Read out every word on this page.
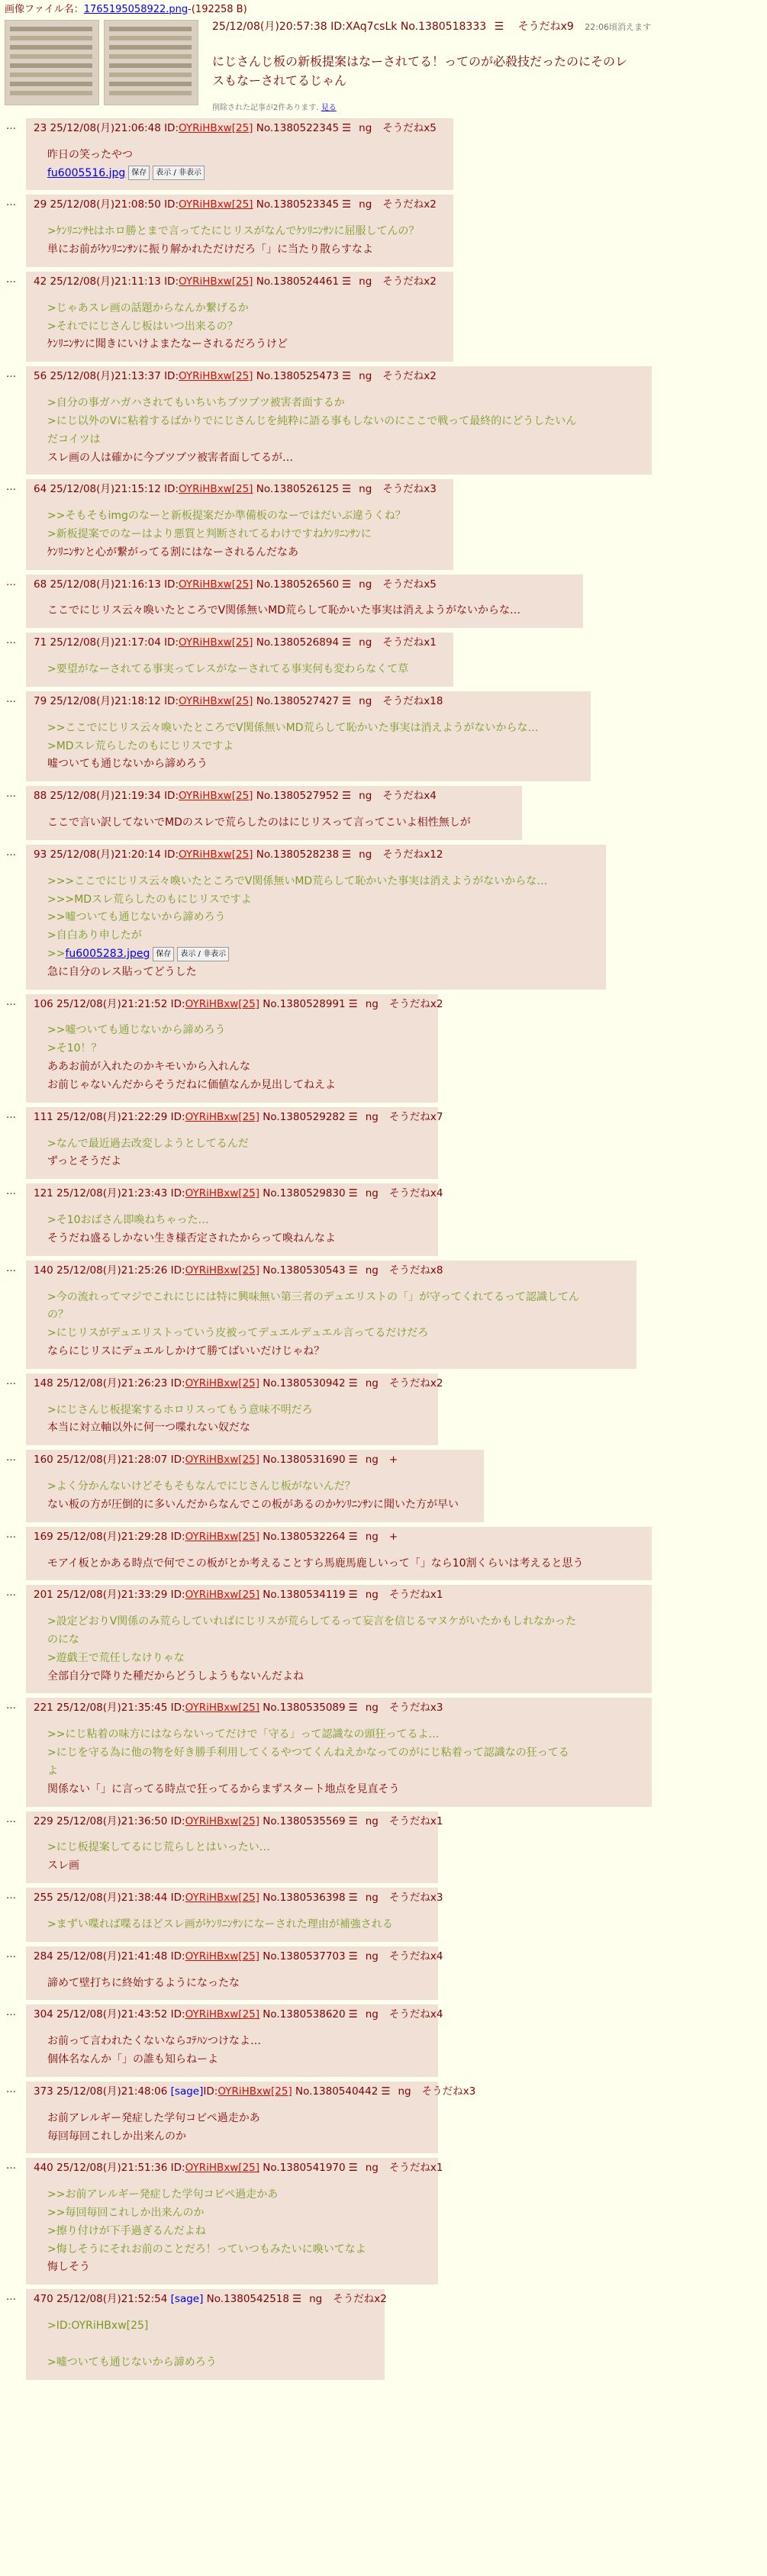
画像ファイル名：1765195058922.png-(192258 B)
25/12/08(月)20:57:38 ID:XAq7csLk No.1380518333 ☰ そうだねx9 22:06頃消えます
にじさんじ板の新板提案はなーされてる！ってのが必殺技だったのにそのレ
スもなーされてるじゃん
削除された記事が2件あります. 見る
…	23 25/12/08(月)21:06:48 ID:OYRiHBxw[25] No.1380522345 ☰ ng そうだねx5
昨日の笑ったやつ
fu6005516.jpg 保存 表示 / 非表示
…	29 25/12/08(月)21:08:50 ID:OYRiHBxw[25] No.1380523345 ☰ ng そうだねx2
>ｹﾝﾘﾆﾝｻｾはホロ勝とまで言ってたにじリスがなんでｹﾝﾘﾆﾝｻﾝに屈服してんの？
単にお前がｹﾝﾘﾆﾝｻﾝに振り解かれただけだろ「」に当たり散らすなよ
…	42 25/12/08(月)21:11:13 ID:OYRiHBxw[25] No.1380524461 ☰ ng そうだねx2
>じゃあスレ画の話題からなんか繋げるか
>それでにじさんじ板はいつ出来るの？
ｹﾝﾘﾆﾝｻﾝに聞きにいけよまたなーされるだろうけど
…	56 25/12/08(月)21:13:37 ID:OYRiHBxw[25] No.1380525473 ☰ ng そうだねx2
>自分の事ガハガハされてもいちいちブツブツ被害者面するか
>にじ以外のVに粘着するばかりでにじさんじを純粋に語る事もしないのにここで戦って最終的にどうしたいん
だコイツは
スレ画の人は確かに今ブツブツ被害者面してるが…
…	64 25/12/08(月)21:15:12 ID:OYRiHBxw[25] No.1380526125 ☰ ng そうだねx3
>>そもそもimgのなーと新板提案だか準備板のなーではだいぶ違うくね？
>新板提案でのなーはより悪質と判断されてるわけですねｹﾝﾘﾆﾝｻﾝに
ｹﾝﾘﾆﾝｻﾝと心が繋がってる割にはなーされるんだなあ
…	68 25/12/08(月)21:16:13 ID:OYRiHBxw[25] No.1380526560 ☰ ng そうだねx5
ここでにじリス云々喚いたところでV関係無いMD荒らして恥かいた事実は消えようがないからな…
…	71 25/12/08(月)21:17:04 ID:OYRiHBxw[25] No.1380526894 ☰ ng そうだねx1
>要望がなーされてる事実ってレスがなーされてる事実何も変わらなくて草
…	79 25/12/08(月)21:18:12 ID:OYRiHBxw[25] No.1380527427 ☰ ng そうだねx18
>>ここでにじリス云々喚いたところでV関係無いMD荒らして恥かいた事実は消えようがないからな…
>MDスレ荒らしたのもにじリスですよ
嘘ついても通じないから諦めろう
…	88 25/12/08(月)21:19:34 ID:OYRiHBxw[25] No.1380527952 ☰ ng そうだねx4
ここで言い訳してないでMDのスレで荒らしたのはにじリスって言ってこいよ相性無しが
…	93 25/12/08(月)21:20:14 ID:OYRiHBxw[25] No.1380528238 ☰ ng そうだねx12
>>>ここでにじリス云々喚いたところでV関係無いMD荒らして恥かいた事実は消えようがないからな…
>>>MDスレ荒らしたのもにじリスですよ
>>嘘ついても通じないから諦めろう
>自白あり申したが
>>fu6005283.jpeg 保存 表示 / 非表示
急に自分のレス貼ってどうした
…	106 25/12/08(月)21:21:52 ID:OYRiHBxw[25] No.1380528991 ☰ ng そうだねx2
>>嘘ついても通じないから諦めろう
>そ10！？
ああお前が入れたのかキモいから入れんな
お前じゃないんだからそうだねに価値なんか見出してねえよ
…	111 25/12/08(月)21:22:29 ID:OYRiHBxw[25] No.1380529282 ☰ ng そうだねx7
>なんで最近過去改変しようとしてるんだ
ずっとそうだよ
…	121 25/12/08(月)21:23:43 ID:OYRiHBxw[25] No.1380529830 ☰ ng そうだねx4
>そ10おばさん即喚ねちゃった…
そうだね盛るしかない生き様否定されたからって喚ねんなよ
…	140 25/12/08(月)21:25:26 ID:OYRiHBxw[25] No.1380530543 ☰ ng そうだねx8
>今の流れってマジでこれにじには特に興味無い第三者のデュエリストの「」が守ってくれてるって認識してん
の？
>にじリスがデュエリストっていう皮被ってデュエルデュエル言ってるだけだろ
ならにじリスにデュエルしかけて勝てばいいだけじゃね？
…	148 25/12/08(月)21:26:23 ID:OYRiHBxw[25] No.1380530942 ☰ ng そうだねx2
>にじさんじ板提案するホロリスってもう意味不明だろ
本当に対立軸以外に何一つ喋れない奴だな
…	160 25/12/08(月)21:28:07 ID:OYRiHBxw[25] No.1380531690 ☰ ng +
>よく分かんないけどそもそもなんでにじさんじ板がないんだ？
ない板の方が圧倒的に多いんだからなんでこの板があるのかｹﾝﾘﾆﾝｻﾝに聞いた方が早い
…	169 25/12/08(月)21:29:28 ID:OYRiHBxw[25] No.1380532264 ☰ ng +
モアイ板とかある時点で何でこの板がとか考えることすら馬鹿馬鹿しいって「」なら10割くらいは考えると思う
…	201 25/12/08(月)21:33:29 ID:OYRiHBxw[25] No.1380534119 ☰ ng そうだねx1
>設定どおりV関係のみ荒らしていればにじリスが荒らしてるって妄言を信じるマヌケがいたかもしれなかった
のにな
>遊戯王で荒任しなけりゃな
全部自分で降りた種だからどうしようもないんだよね
…	221 25/12/08(月)21:35:45 ID:OYRiHBxw[25] No.1380535089 ☰ ng そうだねx3
>>にじ粘着の味方にはならないってだけで「守る」って認識なの頭狂ってるよ…
>にじを守る為に他の物を好き勝手利用してくるやつてくんねえかなってのがにじ粘着って認識なの狂ってる
よ
関係ない「」に言ってる時点で狂ってるからまずスタート地点を見直そう
…	229 25/12/08(月)21:36:50 ID:OYRiHBxw[25] No.1380535569 ☰ ng そうだねx1
>にじ板提案してるにじ荒らしとはいったい…
スレ画
…	255 25/12/08(月)21:38:44 ID:OYRiHBxw[25] No.1380536398 ☰ ng そうだねx3
>まずい喋れば喋るほどスレ画がｹﾝﾘﾆﾝｻﾝになーされた理由が補強される
…	284 25/12/08(月)21:41:48 ID:OYRiHBxw[25] No.1380537703 ☰ ng そうだねx4
諦めて壁打ちに終始するようになったな
…	304 25/12/08(月)21:43:52 ID:OYRiHBxw[25] No.1380538620 ☰ ng そうだねx4
お前って言われたくないならｺﾃﾊﾝつけなよ…
個体名なんか「」の誰も知らねーよ
…	373 25/12/08(月)21:48:06 [sage]ID:OYRiHBxw[25] No.1380540442 ☰ ng そうだねx3
お前アレルギー発症した学句コピペ過走かあ
毎回毎回これしか出来んのか
…	440 25/12/08(月)21:51:36 ID:OYRiHBxw[25] No.1380541970 ☰ ng そうだねx1
>>お前アレルギー発症した学句コピペ過走かあ
>>毎回毎回これしか出来んのか
>擦り付けが下手過ぎるんだよね
>悔しそうにそれお前のことだろ！っていつもみたいに喚いてなよ
悔しそう
…	470 25/12/08(月)21:52:54 [sage] No.1380542518 ☰ ng そうだねx2
>ID:OYRiHBxw[25]

>嘘ついても通じないから諦めろう
